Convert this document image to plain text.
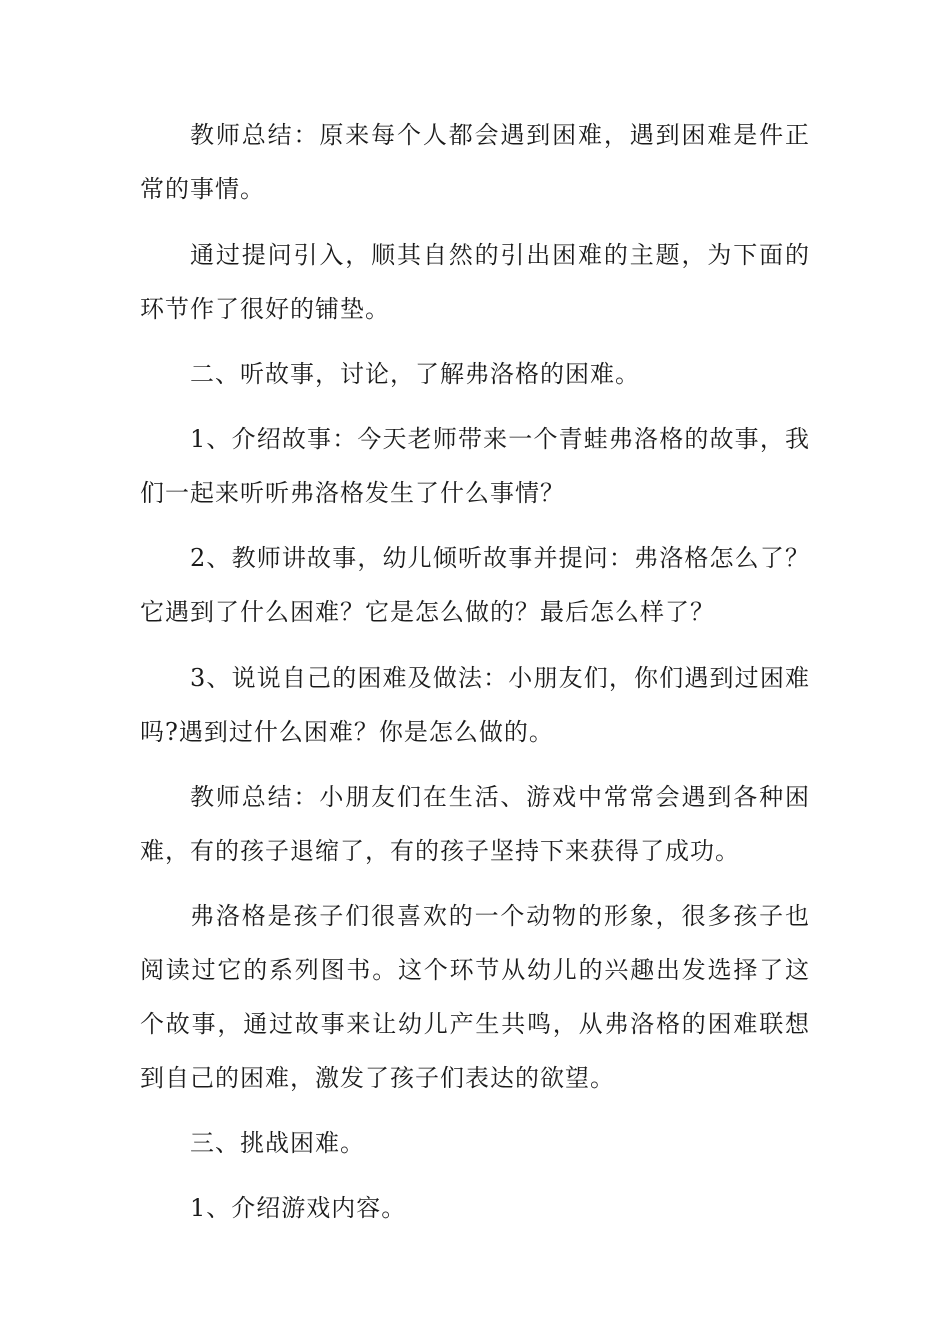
教师总结：原来每个人都会遇到困难，遇到困难是件正常的事情。

通过提问引入，顺其自然的引出困难的主题，为下面的环节作了很好的铺垫。

二、听故事，讨论，了解弗洛格的困难。

1、介绍故事：今天老师带来一个青蛙弗洛格的故事，我们一起来听听弗洛格发生了什么事情？

2、教师讲故事，幼儿倾听故事并提问：弗洛格怎么了？它遇到了什么困难？它是怎么做的？最后怎么样了？

3、说说自己的困难及做法：小朋友们，你们遇到过困难吗?遇到过什么困难？你是怎么做的。

教师总结：小朋友们在生活、游戏中常常会遇到各种困难，有的孩子退缩了，有的孩子坚持下来获得了成功。

弗洛格是孩子们很喜欢的一个动物的形象，很多孩子也阅读过它的系列图书。这个环节从幼儿的兴趣出发选择了这个故事，通过故事来让幼儿产生共鸣，从弗洛格的困难联想到自己的困难，激发了孩子们表达的欲望。

三、挑战困难。

1、介绍游戏内容。
